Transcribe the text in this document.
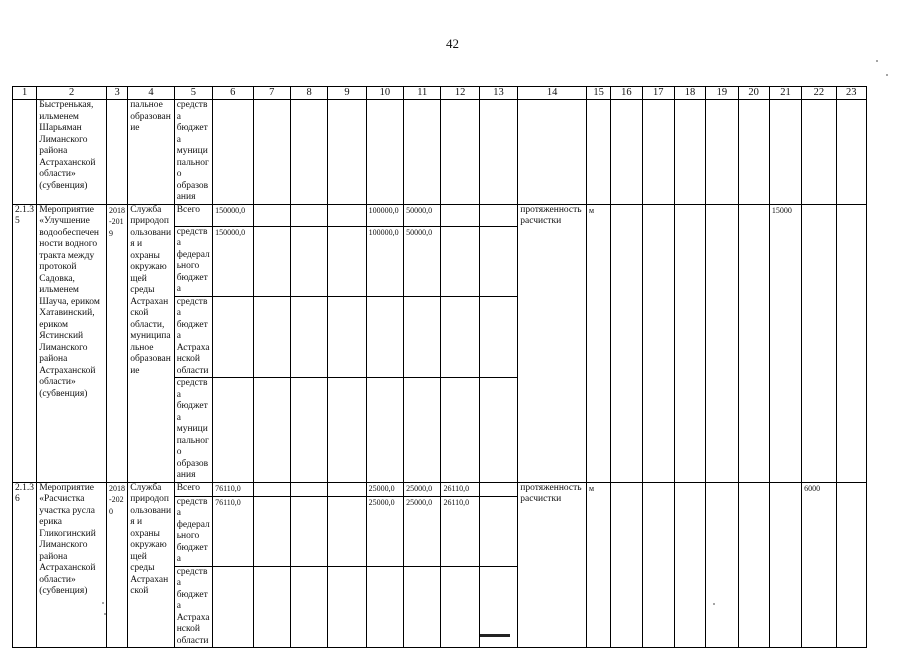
42
1	2	3	4	5	6	7	8	9	10	11	12	13	14	15	16	17	18	19	20	21	22	23
	Быстренькая, ильменем Шарьяман Лиманского района Астраханской области» (субвенция)		пальное образование	средства бюджета муниципального образования																		
2.1.35	Мероприятие «Улучшение водообеспеченности водного тракта между протокой Садовка, ильменем Шауча, ериком Хатавинский, ериком Ястинский Лиманского района Астраханской области» (субвенция)	2018-2019	Служба природопользования и охраны окружающей среды Астраханской области, муниципальное образование	Всего	150000,0				100000,0	50000,0			протяженность расчистки	м						15000		
				средства федерального бюджета	150000,0				100000,0	50000,0												
				средства бюджета Астраханской области																		
				средства бюджета муниципального образования																		
2.1.36	Мероприятие «Расчистка участка русла ерика Гликогинский Лиманского района Астраханской области» (субвенция)	2018-2020	Служба природопользования и охраны окружающей среды Астраханской	Всего	76110,0				25000,0	25000,0	26110,0		протяженность расчистки	м							6000	
				средства федерального бюджета	76110,0				25000,0	25000,0	26110,0											
				средства бюджета Астраханской области																		
